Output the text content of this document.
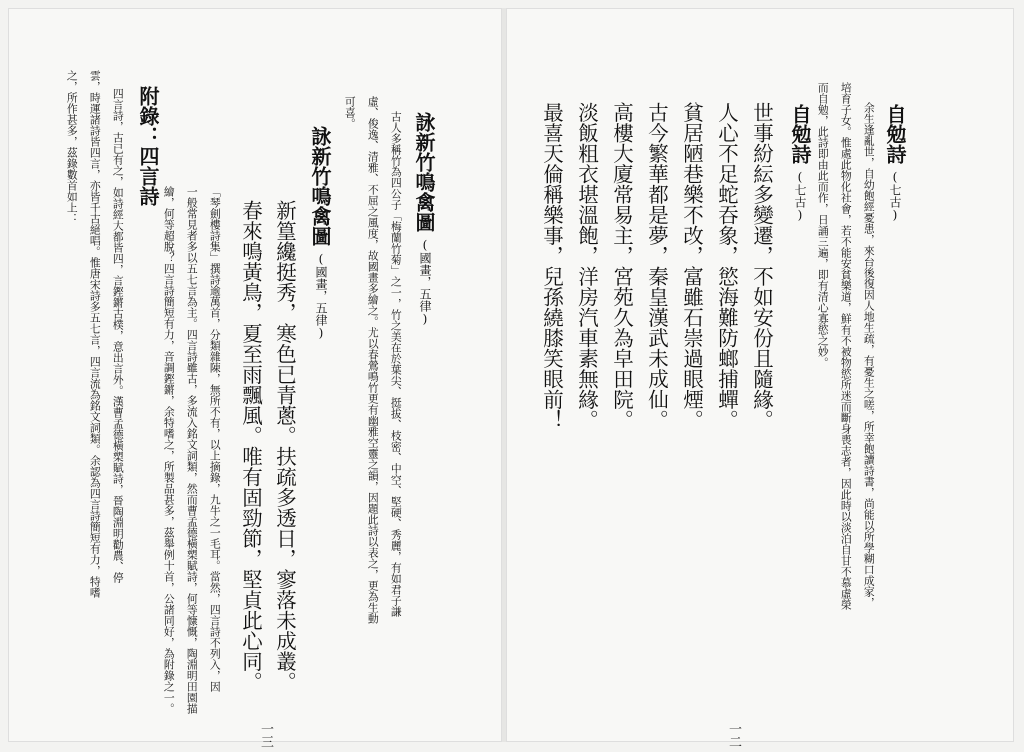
自勉詩
(七古)
余生逢亂世，自幼飽經憂患，來台後復因人地生疏，有憂生之嗟，所幸飽讀詩書，尚能以所學糊口成家，
培育子女。惟處此物化社會，若不能安貧樂道，鮮有不被物慾所迷而斷身喪志者，因此時以淡泊自甘不慕虛榮
而自勉，此詩即由此而作，日誦三遍，即有清心寡慾之妙。
自勉詩
(七古)
世事紛紜多變遷，不如安份且隨緣。
人心不足蛇吞象，慾海難防螂捕蟬。
貧居陋巷樂不改，富雖石崇過眼煙。
古今繁華都是夢，秦皇漢武未成仙。
高樓大廈常易主，宮苑久為皁田院。
淡飯粗衣堪溫飽，洋房汽車素無緣。
最喜天倫稱樂事，兒孫繞膝笑眼前！
一二
詠新竹鳴禽圖
(國畫，五律)
古人多稱竹為四公子「梅蘭竹菊」之一，竹之美在於葉尖、挺拔、枝密、中空、堅硬、秀麗，有如君子謙
虛、俊逸、清雅、不屈之風度，故國畫多繪之。尤以春鶯鳴竹更有幽雅空靈之韻，因題此詩以表之，更為生動
可喜。
詠新竹鳴禽圖
(國畫，五律)
新篁纔挺秀，寒色已青蔥。扶疏多透日，寥落未成叢。
春來鳴黃鳥，夏至雨飄風。唯有固勁節，堅貞此心同。
「琴劍樓詩集」撰詩逾萬首，分類雜陳，無所不有，以上摘錄，九牛之一毛耳。當然，四言詩不列入，因
一般常見者多以五七言為主。四言詩雖古，多流入銘文詞類，然而曹孟德橫槊賦詩，何等慷慨，陶淵明田園描
繪，何等超脫？四言詩簡短有力，音調鏗鏘，余特嗜之，所製品甚多，茲舉例十首，公諸同好，為附錄之一。
附錄：四言詩
四言詩，古已有之，如詩經大都皆四，言鏗鏘古樸，意出言外。漢曹孟德橫槊賦詩，晉陶淵明勸農、停
雲，時運諸詩皆四言，亦皆千古絕唱。惟唐宋詩多五七言，四言流為銘文詞類。余認為四言詩簡短有力，特嗜
之，所作甚多，茲錄數首如上：
一三
